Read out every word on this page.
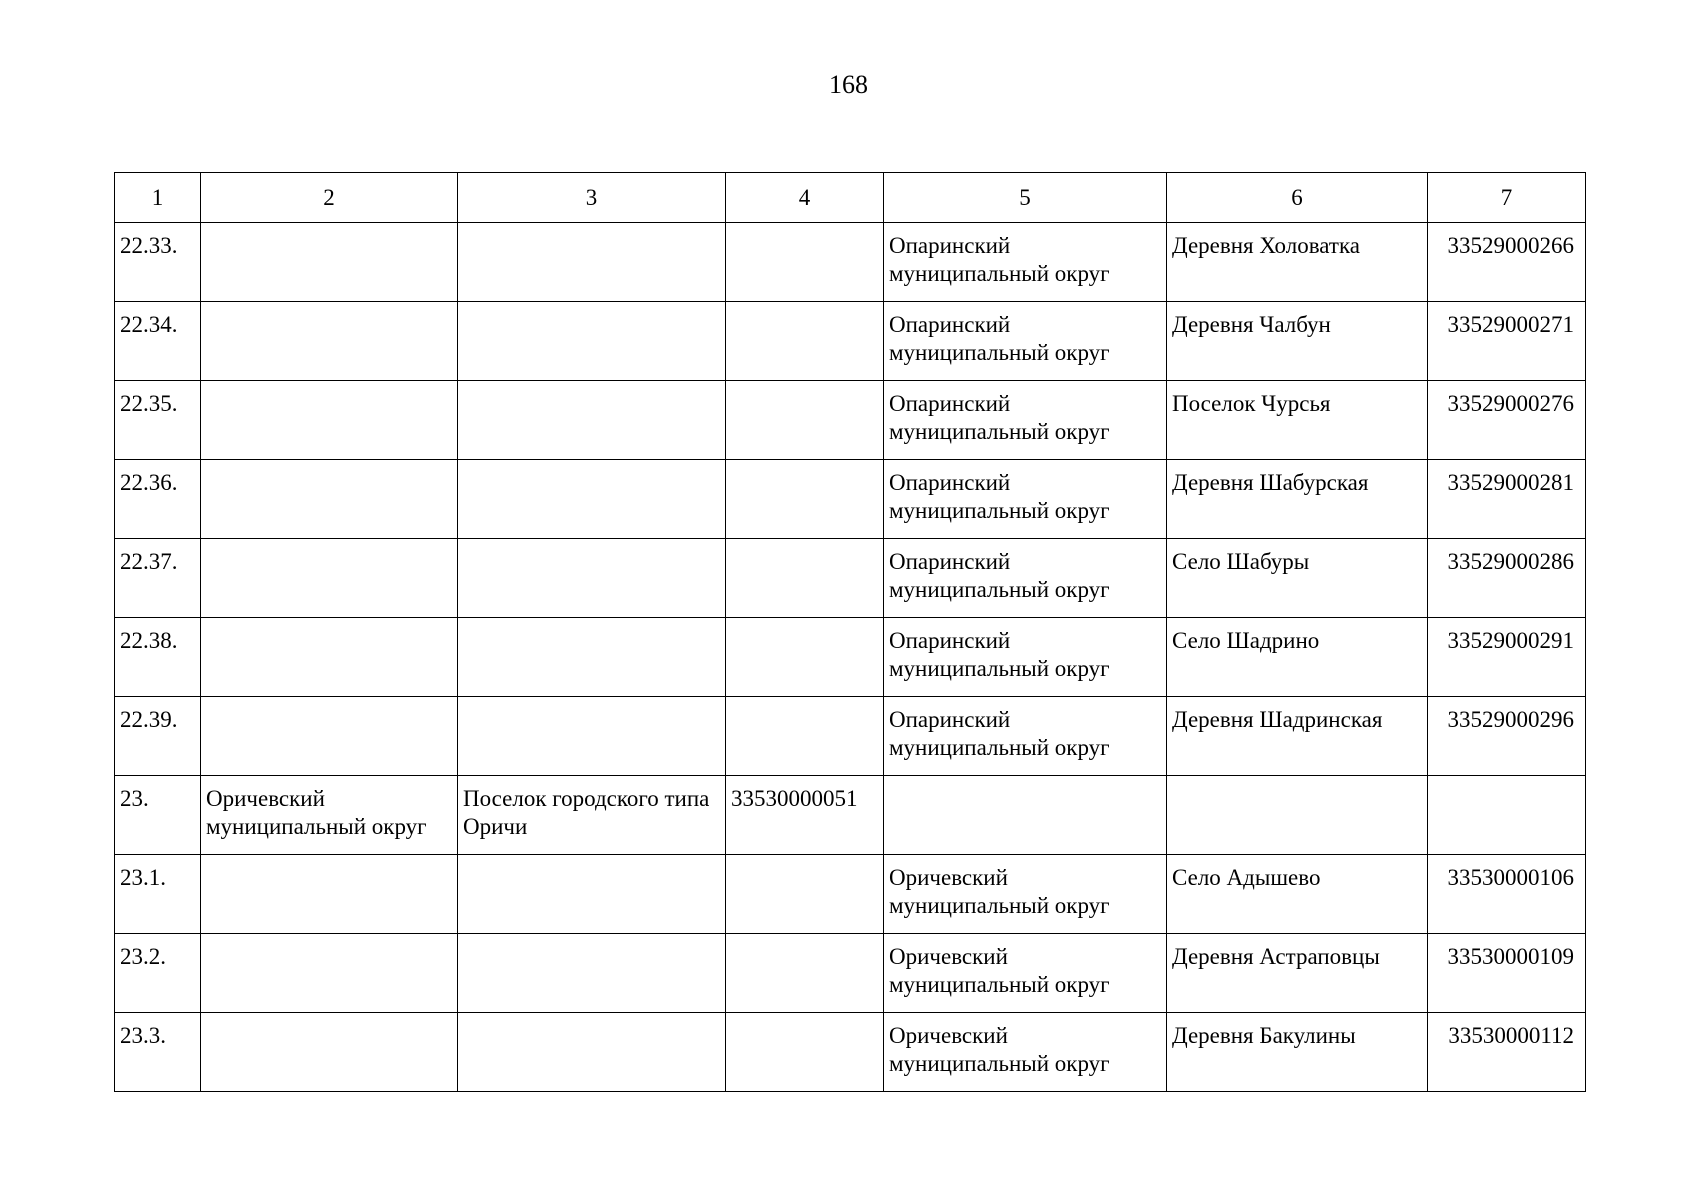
168
1	2	3	4	5	6	7
22.33.				Опаринский муниципальный округ	Деревня Холоватка	33529000266
22.34.				Опаринский муниципальный округ	Деревня Чалбун	33529000271
22.35.				Опаринский муниципальный округ	Поселок Чурсья	33529000276
22.36.				Опаринский муниципальный округ	Деревня Шабурская	33529000281
22.37.				Опаринский муниципальный округ	Село Шабуры	33529000286
22.38.				Опаринский муниципальный округ	Село Шадрино	33529000291
22.39.				Опаринский муниципальный округ	Деревня Шадринская	33529000296
23.	Оричевский муниципальный округ	Поселок городского типа Оричи	33530000051			
23.1.				Оричевский муниципальный округ	Село Адышево	33530000106
23.2.				Оричевский муниципальный округ	Деревня Астраповцы	33530000109
23.3.				Оричевский муниципальный округ	Деревня Бакулины	33530000112
